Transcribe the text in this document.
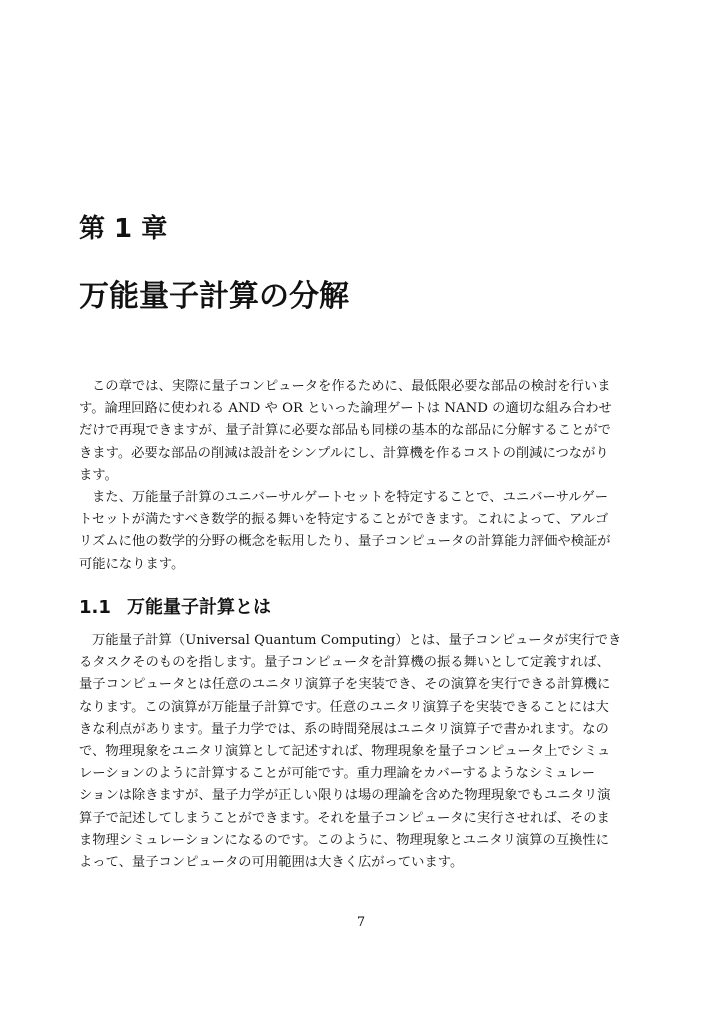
第 1 章
万能量子計算の分解
この章では、実際に量子コンピュータを作るために、最低限必要な部品の検討を行いま
す。論理回路に使われる AND や OR といった論理ゲートは NAND の適切な組み合わせ
だけで再現できますが、量子計算に必要な部品も同様の基本的な部品に分解することがで
きます。必要な部品の削減は設計をシンプルにし、計算機を作るコストの削減につながり
ます。
また、万能量子計算のユニバーサルゲートセットを特定することで、ユニバーサルゲー
トセットが満たすべき数学的振る舞いを特定することができます。これによって、アルゴ
リズムに他の数学的分野の概念を転用したり、量子コンピュータの計算能力評価や検証が
可能になります。
1.1 万能量子計算とは
万能量子計算（Universal Quantum Computing）とは、量子コンピュータが実行でき
るタスクそのものを指します。量子コンピュータを計算機の振る舞いとして定義すれば、
量子コンピュータとは任意のユニタリ演算子を実装でき、その演算を実行できる計算機に
なります。この演算が万能量子計算です。任意のユニタリ演算子を実装できることには大
きな利点があります。量子力学では、系の時間発展はユニタリ演算子で書かれます。なの
で、物理現象をユニタリ演算として記述すれば、物理現象を量子コンピュータ上でシミュ
レーションのように計算することが可能です。重力理論をカバーするようなシミュレー
ションは除きますが、量子力学が正しい限りは場の理論を含めた物理現象でもユニタリ演
算子で記述してしまうことができます。それを量子コンピュータに実行させれば、そのま
ま物理シミュレーションになるのです。このように、物理現象とユニタリ演算の互換性に
よって、量子コンピュータの可用範囲は大きく広がっています。
7
